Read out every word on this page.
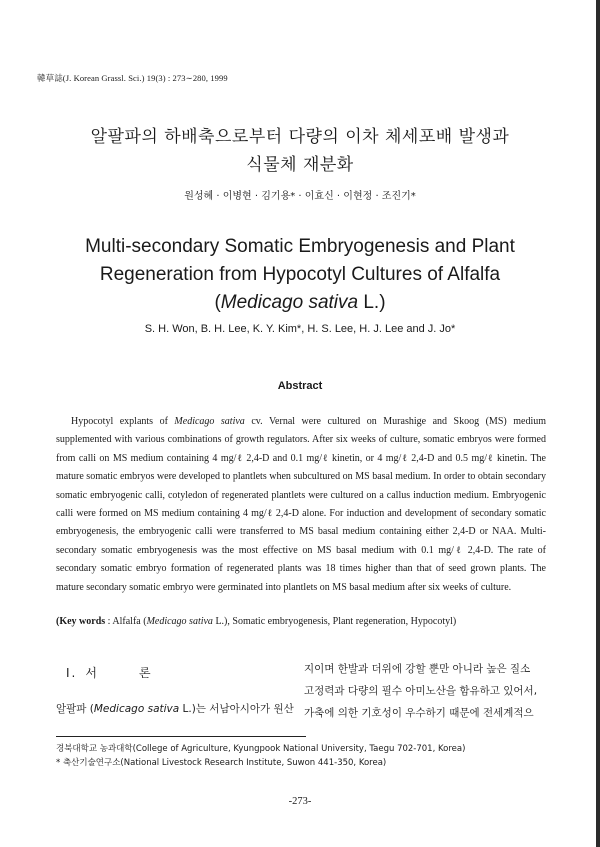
韓草誌(J. Korean Grassl. Sci.) 19(3) : 273∼280, 1999
알팔파의 하배축으로부터 다량의 이차 체세포배 발생과
식물체 재분화
원성혜 · 이병현 · 김기용* · 이효신 · 이현정 · 조진기*
Multi-secondary Somatic Embryogenesis and Plant
Regeneration from Hypocotyl Cultures of Alfalfa
(Medicago sativa L.)
S. H. Won, B. H. Lee, K. Y. Kim*, H. S. Lee, H. J. Lee and J. Jo*
Abstract
Hypocotyl explants of Medicago sativa cv. Vernal were cultured on Murashige and Skoog (MS) medium supplemented with various combinations of growth regulators. After six weeks of culture, somatic embryos were formed from calli on MS medium containing 4 mg/ℓ 2,4-D and 0.1 mg/ℓ kinetin, or 4 mg/ℓ 2,4-D and 0.5 mg/ℓ kinetin. The mature somatic embryos were developed to plantlets when subcultured on MS basal medium. In order to obtain secondary somatic embryogenic calli, cotyledon of regenerated plantlets were cultured on a callus induction medium. Embryogenic calli were formed on MS medium containing 4 mg/ℓ 2,4-D alone. For induction and development of secondary somatic embryogenesis, the embryogenic calli were transferred to MS basal medium containing either 2,4-D or NAA. Multi-secondary somatic embryogenesis was the most effective on MS basal medium with 0.1 mg/ℓ 2,4-D. The rate of secondary somatic embryo formation of regenerated plants was 18 times higher than that of seed grown plants. The mature secondary somatic embryo were germinated into plantlets on MS basal medium after six weeks of culture.
(Key words : Alfalfa (Medicago sativa L.), Somatic embryogenesis, Plant regeneration, Hypocotyl)
Ⅰ. 서	론
알팔파 (Medicago sativa L.)는 서남아시아가 원산
지이며 한발과 더위에 강할 뿐만 아니라 높은 질소
고정력과 다량의 필수 아미노산을 함유하고 있어서,
가축에 의한 기호성이 우수하기 때문에 전세계적으
경북대학교 농과대학(College of Agriculture, Kyungpook National University, Taegu 702-701, Korea)
* 축산기술연구소(National Livestock Research Institute, Suwon 441-350, Korea)
-273-
